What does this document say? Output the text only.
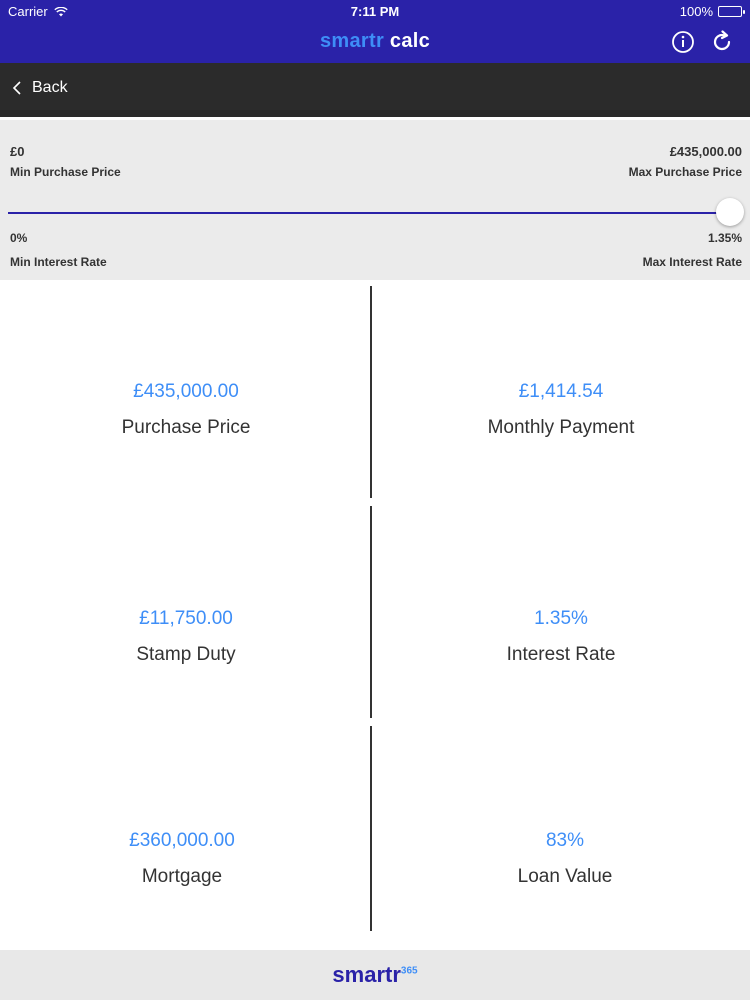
Carrier	7:11 PM	100%
smartr calc
Back
£0
Min Purchase Price
£435,000.00
Max Purchase Price
0%
Min Interest Rate
1.35%
Max Interest Rate
£435,000.00
Purchase Price
£1,414.54
Monthly Payment
£11,750.00
Stamp Duty
1.35%
Interest Rate
£360,000.00
Mortgage
83%
Loan Value
smartr$^{365}$
